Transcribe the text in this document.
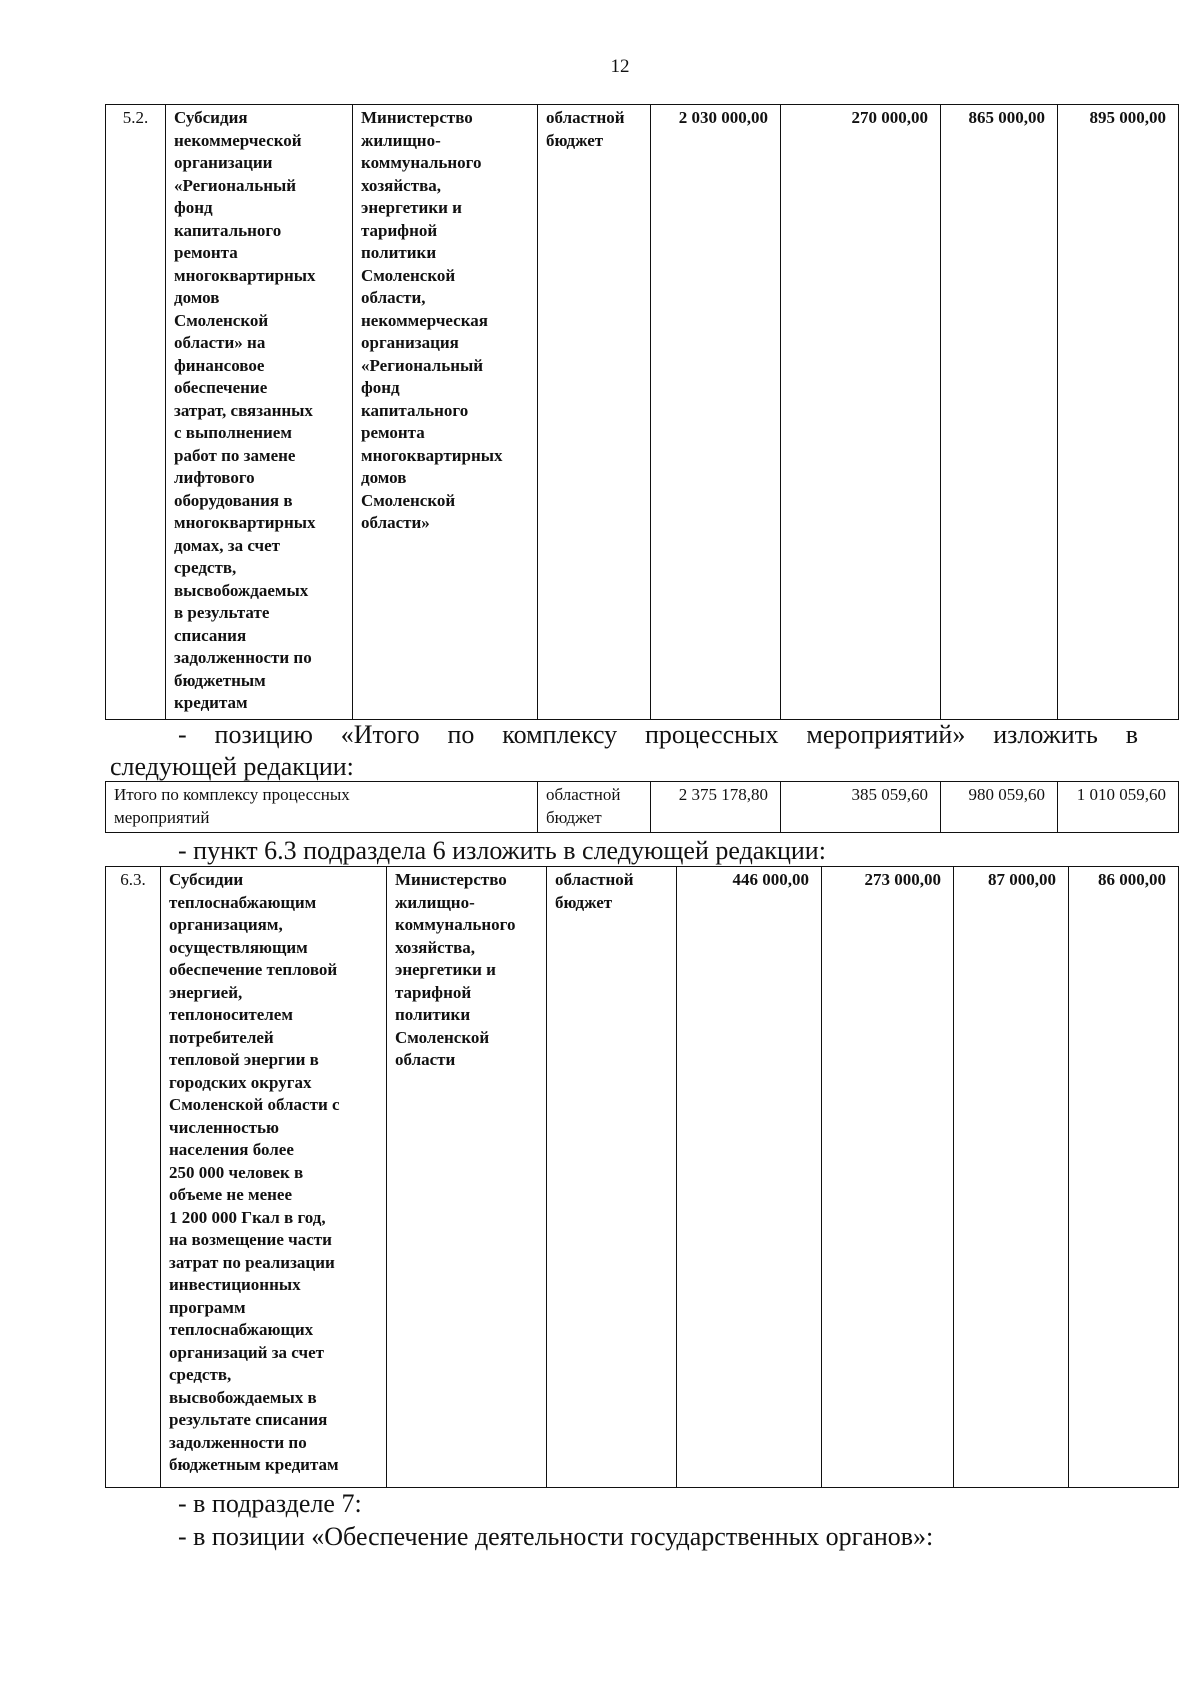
12
5.2.	Субсидия
некоммерческой
организации
«Региональный
фонд
капитального
ремонта
многоквартирных
домов
Смоленской
области» на
финансовое
обеспечение
затрат, связанных
с выполнением
работ по замене
лифтового
оборудования в
многоквартирных
домах, за счет
средств,
высвобождаемых
в результате
списания
задолженности по
бюджетным
кредитам	Министерство
жилищно-
коммунального
хозяйства,
энергетики и
тарифной
политики
Смоленской
области,
некоммерческая
организация
«Региональный
фонд
капитального
ремонта
многоквартирных
домов
Смоленской
области»	областной
бюджет	2 030 000,00	270 000,00	865 000,00	895 000,00
- позицию «Итого по комплексу процессных мероприятий» изложить в
следующей редакции:
Итого по комплексу процессных
мероприятий	областной
бюджет	2 375 178,80	385 059,60	980 059,60	1 010 059,60
- пункт 6.3 подраздела 6 изложить в следующей редакции:
6.3.	Субсидии
теплоснабжающим
организациям,
осуществляющим
обеспечение тепловой
энергией,
теплоносителем
потребителей
тепловой энергии в
городских округах
Смоленской области с
численностью
населения более
250 000 человек в
объеме не менее
1 200 000 Гкал в год,
на возмещение части
затрат по реализации
инвестиционных
программ
теплоснабжающих
организаций за счет
средств,
высвобождаемых в
результате списания
задолженности по
бюджетным кредитам	Министерство
жилищно-
коммунального
хозяйства,
энергетики и
тарифной
политики
Смоленской
области	областной
бюджет	446 000,00	273 000,00	87 000,00	86 000,00
- в подразделе 7:
- в позиции «Обеспечение деятельности государственных органов»:
